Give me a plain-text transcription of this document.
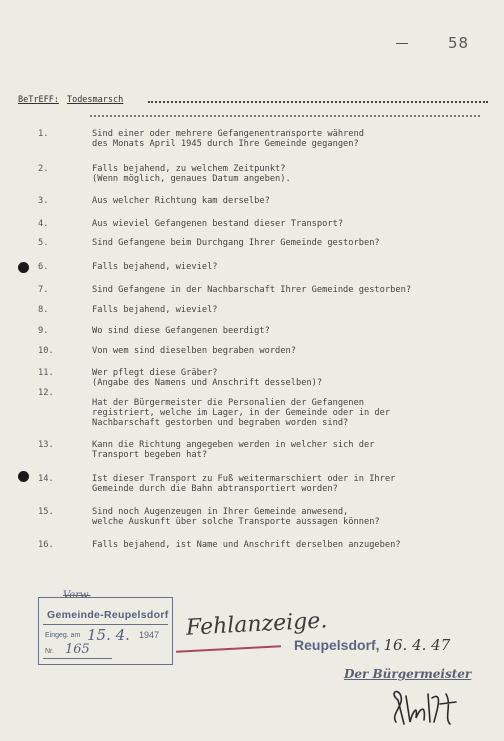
58
BeTrEFF: Todesmarsch
1.	Sind einer oder mehrere Gefangenentransporte während
des Monats April 1945 durch Ihre Gemeinde gegangen?
2.	Falls bejahend, zu welchem Zeitpunkt?
(Wenn möglich, genaues Datum angeben).
3.	Aus welcher Richtung kam derselbe?
4.	Aus wieviel Gefangenen bestand dieser Transport?
5.	Sind Gefangene beim Durchgang Ihrer Gemeinde gestorben?
6.	Falls bejahend, wieviel?
7.	Sind Gefangene in der Nachbarschaft Ihrer Gemeinde gestorben?
8.	Falls bejahend, wieviel?
9.	Wo sind diese Gefangenen beerdigt?
10.	Von wem sind dieselben begraben worden?
11.	Wer pflegt diese Gräber?
(Angabe des Namens und Anschrift desselben)?
12.

Hat der Bürgermeister die Personalien der Gefangenen
registriert, welche im Lager, in der Gemeinde oder in der
Nachbarschaft gestorben und begraben worden sind?
13.	Kann die Richtung angegeben werden in welcher sich der
Transport begeben hat?
14.	Ist dieser Transport zu Fuß weitermarschiert oder in Ihrer
Gemeinde durch die Bahn abtransportiert worden?
15.	Sind noch Augenzeugen in Ihrer Gemeinde anwesend,
welche Auskunft über solche Transporte aussagen können?
16.	Falls bejahend, ist Name und Anschrift derselben anzugeben?
Verw.
Gemeinde-Reupelsdorf
Eingeg. am 15. 4. 1947
Nr. 165
Fehlanzeige.
Reupelsdorf, 16. 4. 47
Der Bürgermeister
